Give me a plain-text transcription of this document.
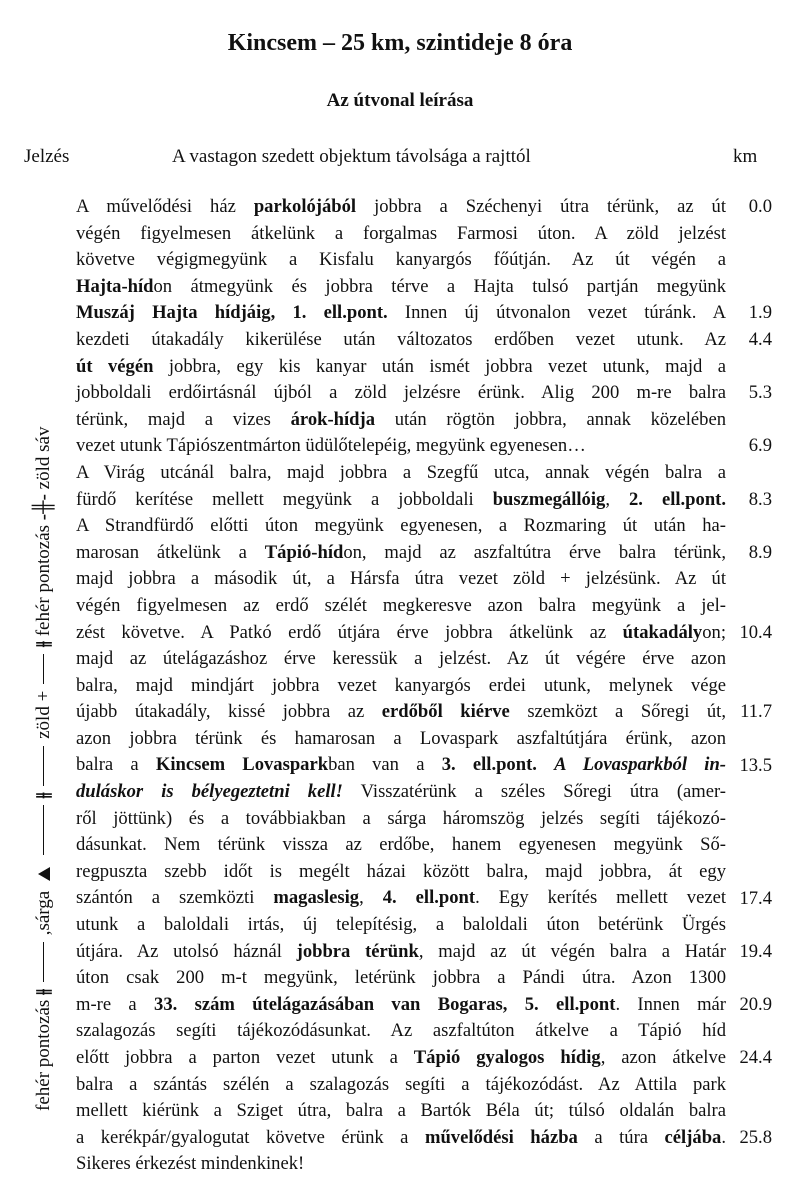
Kincsem – 25 km, szintideje 8 óra
Az útvonal leírása
Jelzés	A vastagon szedett objektum távolsága a rajttól	km
fehér pontozás ⫲  ,sárga   ⫲  zöld +  ⫲ fehér pontozás -╫- zöld sáv
A művelődési ház parkolójából jobbra a Széchenyi útra térünk, az út
végén figyelmesen átkelünk a forgalmas Farmosi úton. A zöld jelzést
követve végigmegyünk a Kisfalu kanyargós főútján. Az út végén a
Hajta-hídon átmegyünk és jobbra térve a Hajta tulsó partján megyünk
Muszáj Hajta hídjáig, 1. ell.pont. Innen új útvonalon vezet túránk. A
kezdeti útakadály kikerülése után változatos erdőben vezet utunk. Az
út végén jobbra, egy kis kanyar után ismét jobbra vezet utunk, majd a
jobboldali erdőirtásnál újból a zöld jelzésre érünk. Alig 200 m-re balra
térünk, majd a vizes árok-hídja után rögtön jobbra, annak közelében
vezet utunk Tápiószentmárton üdülőtelepéig, megyünk egyenesen…
A Virág utcánál balra, majd jobbra a Szegfű utca, annak végén balra a
fürdő kerítése mellett megyünk a jobboldali buszmegállóig, 2. ell.pont.
A Strandfürdő előtti úton megyünk egyenesen, a Rozmaring út után ha-
marosan átkelünk a Tápió-hídon, majd az aszfaltútra érve balra térünk,
majd jobbra a második út, a Hársfa útra vezet zöld + jelzésünk. Az út
végén figyelmesen az erdő szélét megkeresve azon balra megyünk a jel-
zést követve. A Patkó erdő útjára érve jobbra átkelünk az útakadályon;
majd az útelágazáshoz érve keressük a jelzést. Az út végére érve azon
balra, majd mindjárt jobbra vezet kanyargós erdei utunk, melynek vége
újabb útakadály, kissé jobbra az erdőből kiérve szemközt a Sőregi út,
azon jobbra térünk és hamarosan a Lovaspark aszfaltútjára érünk, azon
balra a Kincsem Lovasparkban van a 3. ell.pont. A Lovasparkból in-
duláskor is bélyegeztetni kell! Visszatérünk a széles Sőregi útra (amer-
ről jöttünk) és a továbbiakban a sárga háromszög jelzés segíti tájékozó-
dásunkat. Nem térünk vissza az erdőbe, hanem egyenesen megyünk Ső-
regpuszta szebb időt is megélt házai között balra, majd jobbra, át egy
szántón a szemközti magaslesig, 4. ell.pont. Egy kerítés mellett vezet
utunk a baloldali irtás, új telepítésig, a baloldali úton betérünk Ürgés
útjára. Az utolsó háznál jobbra térünk, majd az út végén balra a Határ
úton csak 200 m-t megyünk, letérünk jobbra a Pándi útra. Azon 1300
m-re a 33. szám útelágazásában van Bogaras, 5. ell.pont. Innen már
szalagozás segíti tájékozódásunkat. Az aszfaltúton átkelve a Tápió híd
előtt jobbra a parton vezet utunk a Tápió gyalogos hídig, azon átkelve
balra a szántás szélén a szalagozás segíti a tájékozódást. Az Attila park
mellett kiérünk a Sziget útra, balra a Bartók Béla út; túlsó oldalán balra
a kerékpár/gyalogutat követve érünk a művelődési házba a túra céljába.
Sikeres érkezést mindenkinek!
0.0
1.9
4.4
5.3
6.9
8.3
8.9
10.4
11.7
13.5
17.4
19.4
20.9
24.4
25.8
